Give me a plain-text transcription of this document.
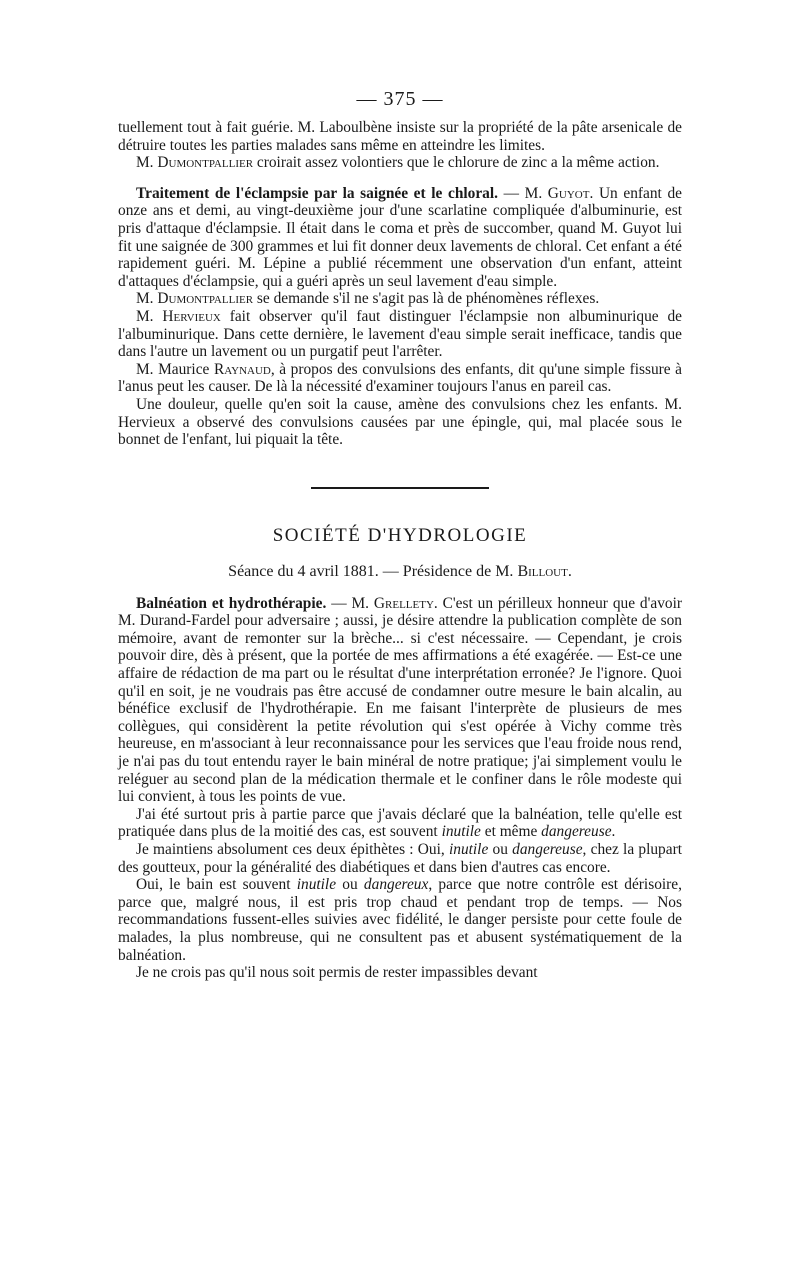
— 375 —

tuellement tout à fait guérie. M. Laboulbène insiste sur la propriété de la pâte arsenicale de détruire toutes les parties malades sans même en atteindre les limites.

M. Dumontpallier croirait assez volontiers que le chlorure de zinc a la même action.

Traitement de l'éclampsie par la saignée et le chloral. — M. Guyot. Un enfant de onze ans et demi, au vingt-deuxième jour d'une scarlatine compliquée d'albuminurie, est pris d'attaque d'éclampsie. Il était dans le coma et près de succomber, quand M. Guyot lui fit une saignée de 300 grammes et lui fit donner deux lavements de chloral. Cet enfant a été rapidement guéri. M. Lépine a publié récemment une observation d'un enfant, atteint d'attaques d'éclampsie, qui a guéri après un seul lavement d'eau simple.

M. Dumontpallier se demande s'il ne s'agit pas là de phénomènes réflexes.

M. Hervieux fait observer qu'il faut distinguer l'éclampsie non albuminurique de l'albuminurique. Dans cette dernière, le lavement d'eau simple serait inefficace, tandis que dans l'autre un lavement ou un purgatif peut l'arrêter.

M. Maurice Raynaud, à propos des convulsions des enfants, dit qu'une simple fissure à l'anus peut les causer. De là la nécessité d'examiner toujours l'anus en pareil cas.

Une douleur, quelle qu'en soit la cause, amène des convulsions chez les enfants. M. Hervieux a observé des convulsions causées par une épingle, qui, mal placée sous le bonnet de l'enfant, lui piquait la tête.

SOCIÉTÉ D'HYDROLOGIE
Séance du 4 avril 1881. — Présidence de M. Billout.

Balnéation et hydrothérapie. — M. Grellety. C'est un périlleux honneur que d'avoir M. Durand-Fardel pour adversaire ; aussi, je désire attendre la publication complète de son mémoire, avant de remonter sur la brèche... si c'est nécessaire. — Cependant, je crois pouvoir dire, dès à présent, que la portée de mes affirmations a été exagérée. — Est-ce une affaire de rédaction de ma part ou le résultat d'une interprétation erronée? Je l'ignore. Quoi qu'il en soit, je ne voudrais pas être accusé de condamner outre mesure le bain alcalin, au bénéfice exclusif de l'hydrothérapie. En me faisant l'interprète de plusieurs de mes collègues, qui considèrent la petite révolution qui s'est opérée à Vichy comme très heureuse, en m'associant à leur reconnaissance pour les services que l'eau froide nous rend, je n'ai pas du tout entendu rayer le bain minéral de notre pratique; j'ai simplement voulu le reléguer au second plan de la médication thermale et le confiner dans le rôle modeste qui lui convient, à tous les points de vue.

J'ai été surtout pris à partie parce que j'avais déclaré que la balnéation, telle qu'elle est pratiquée dans plus de la moitié des cas, est souvent inutile et même dangereuse.

Je maintiens absolument ces deux épithètes : Oui, inutile ou dangereuse, chez la plupart des goutteux, pour la généralité des diabétiques et dans bien d'autres cas encore.

Oui, le bain est souvent inutile ou dangereux, parce que notre contrôle est dérisoire, parce que, malgré nous, il est pris trop chaud et pendant trop de temps. — Nos recommandations fussent-elles suivies avec fidélité, le danger persiste pour cette foule de malades, la plus nombreuse, qui ne consultent pas et abusent systématiquement de la balnéation.

Je ne crois pas qu'il nous soit permis de rester impassibles devant
